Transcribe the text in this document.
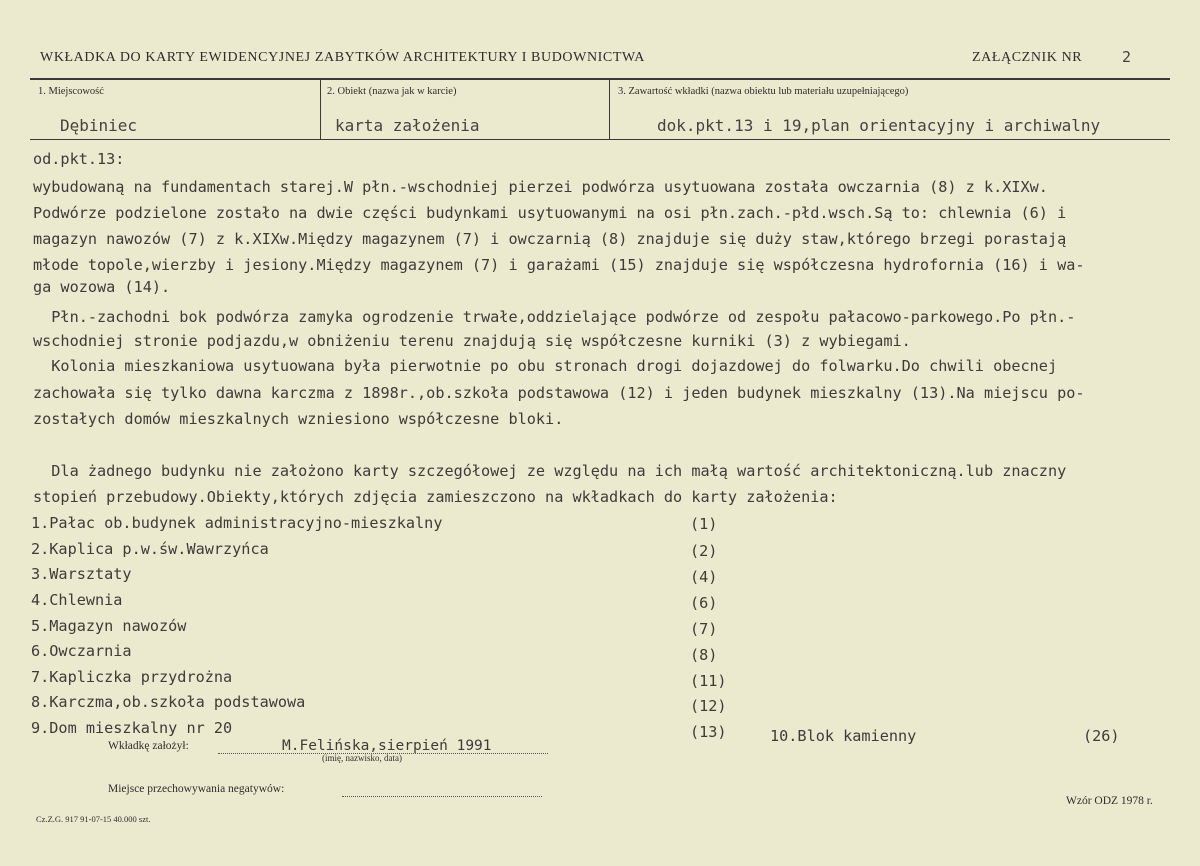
WKŁADKA DO KARTY EWIDENCYJNEJ ZABYTKÓW ARCHITEKTURY I BUDOWNICTWA	ZAŁĄCZNIK NR	2
1. Miejscowość
Dębiniec
2. Obiekt (nazwa jak w karcie)
karta założenia
3. Zawartość wkładki (nazwa obiektu lub materiału uzupełniającego)
dok.pkt.13 i 19,plan orientacyjny i archiwalny
od.pkt.13:
wybudowaną na fundamentach starej.W płn.-wschodniej pierzei podwórza usytuowana została owczarnia (8) z k.XIXw.
Podwórze podzielone zostało na dwie części budynkami usytuowanymi na osi płn.zach.-płd.wsch.Są to: chlewnia (6) i
magazyn nawozów (7) z k.XIXw.Między magazynem (7) i owczarnią (8) znajduje się duży staw,którego brzegi porastają
młode topole,wierzby i jesiony.Między magazynem (7) i garażami (15) znajduje się współczesna hydrofornia (16) i wa-
ga wozowa (14).
Płn.-zachodni bok podwórza zamyka ogrodzenie trwałe,oddzielające podwórze od zespołu pałacowo-parkowego.Po płn.-
wschodniej stronie podjazdu,w obniżeniu terenu znajdują się współczesne kurniki (3) z wybiegami.
Kolonia mieszkaniowa usytuowana była pierwotnie po obu stronach drogi dojazdowej do folwarku.Do chwili obecnej
zachowała się tylko dawna karczma z 1898r.,ob.szkoła podstawowa (12) i jeden budynek mieszkalny (13).Na miejscu po-
zostałych domów mieszkalnych wzniesiono współczesne bloki.
Dla żadnego budynku nie założono karty szczegółowej ze względu na ich małą wartość architektoniczną.lub znaczny
stopień przebudowy.Obiekty,których zdjęcia zamieszczono na wkładkach do karty założenia:
1.Pałac ob.budynek administracyjno-mieszkalny	(1)
2.Kaplica p.w.św.Wawrzyńca	(2)
3.Warsztaty	(4)
4.Chlewnia	(6)
5.Magazyn nawozów	(7)
6.Owczarnia	(8)
7.Kapliczka przydrożna	(11)
8.Karczma,ob.szkoła podstawowa	(12)
9.Dom mieszkalny nr 20	(13)	10.Blok kamienny	(26)
Wkładkę założył:	M.Felińska,sierpień 1991
(imię, nazwisko, data)
Miejsce przechowywania negatywów:
Wzór ODZ 1978 r.
Cz.Z.G. 917 91-07-15 40.000 szt.
